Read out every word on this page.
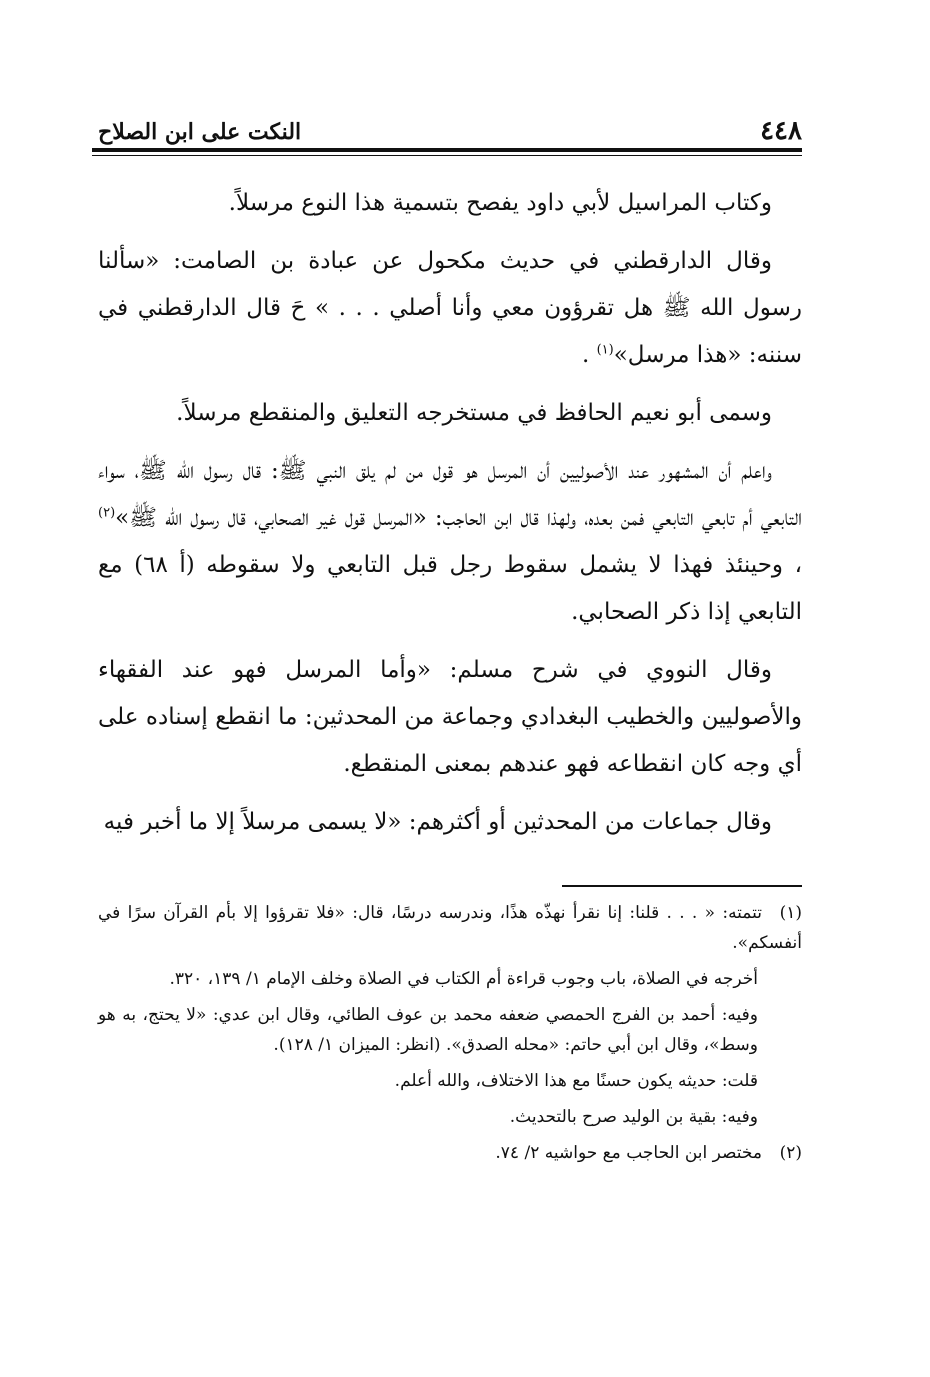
٤٤٨
النكت على ابن الصلاح

وكتاب المراسيل لأبي داود يفصح بتسمية هذا النوع مرسلاً.

وقال الدارقطني في حديث مكحول عن عبادة بن الصامت: «سألنا رسول الله ﷺ هل تقرؤون معي وأنا أصلي . . . » حَ قال الدارقطني في سننه: «هذا مرسل»$^{(١)}$ .

وسمى أبو نعيم الحافظ في مستخرجه التعليق والمنقطع مرسلاً.

واعلم أن المشهور عند الأصوليين أن المرسل هو قول من لم يلق النبي ﷺ: قال رسول الله ﷺ، سواء التابعي أم تابعي التابعي فمن بعده، ولهذا قال ابن الحاجب: «المرسل قول غير الصحابي، قال رسول الله ﷺ»$^{(٢)}$ ، وحينئذ فهذا لا يشمل سقوط رجل قبل التابعي ولا سقوطه (أ ٦٨) مع التابعي إذا ذكر الصحابي.

وقال النووي في شرح مسلم: «وأما المرسل فهو عند الفقهاء والأصوليين والخطيب البغدادي وجماعة من المحدثين: ما انقطع إسناده على أي وجه كان انقطاعه فهو عندهم بمعنى المنقطع.

وقال جماعات من المحدثين أو أكثرهم: «لا يسمى مرسلاً إلا ما أخبر فيه

(١)تتمته: « . . . قلنا: إنا نقرأ نهذّه هذًا، وندرسه درسًا، قال: «فلا تقرؤوا إلا بأم القرآن سرًا في أنفسكم».

أخرجه في الصلاة، باب وجوب قراءة أم الكتاب في الصلاة وخلف الإمام ١/ ١٣٩، ٣٢٠.

وفيه: أحمد بن الفرج الحمصي ضعفه محمد بن عوف الطائي، وقال ابن عدي: «لا يحتج، به هو وسط»، وقال ابن أبي حاتم: «محله الصدق». (انظر: الميزان ١/ ١٢٨).

قلت: حديثه يكون حسنًا مع هذا الاختلاف، والله أعلم.

وفيه: بقية بن الوليد صرح بالتحديث.

(٢)مختصر ابن الحاجب مع حواشيه ٢/ ٧٤.
